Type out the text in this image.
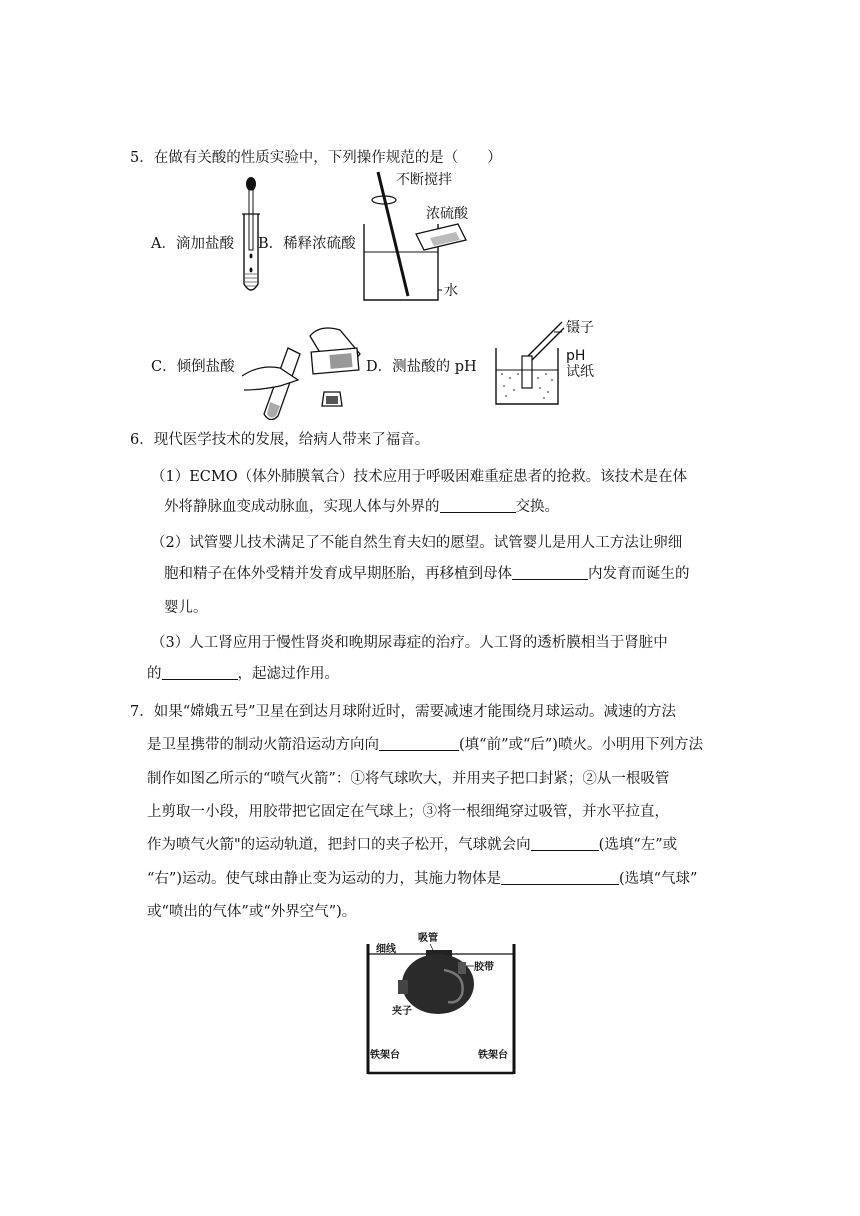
5．在做有关酸的性质实验中，下列操作规范的是（　　）
A．滴加盐酸 B．稀释浓硫酸
不断搅拌
浓硫酸
水
C．倾倒盐酸	D．测盐酸的 pH
镊子
pH
试纸
6．现代医学技术的发展，给病人带来了福音。
（1）ECMO（体外肺膜氧合）技术应用于呼吸困难重症患者的抢救。该技术是在体
外将静脉血变成动脉血，实现人体与外界的	交换。
（2）试管婴儿技术满足了不能自然生育夫妇的愿望。试管婴儿是用人工方法让卵细
胞和精子在体外受精并发育成早期胚胎，再移植到母体	内发育而诞生的
婴儿。
（3）人工肾应用于慢性肾炎和晚期尿毒症的治疗。人工肾的透析膜相当于肾脏中
的	，起滤过作用。
7．如果“嫦娥五号”卫星在到达月球附近时，需要减速才能围绕月球运动。减速的方法
是卫星携带的制动火箭沿运动方向向	(填“前”或“后”)喷火。小明用下列方法
制作如图乙所示的“喷气火箭”：①将气球吹大，并用夹子把口封紧；②从一根吸管
上剪取一小段，用胶带把它固定在气球上；③将一根细绳穿过吸管，并水平拉直，
作为喷气火箭"的运动轨道，把封口的夹子松开，气球就会向	(选填“左”或
“右”)运动。使气球由静止变为运动的力，其施力物体是	(选填“气球”
或“喷出的气体”或“外界空气”)。
细线
吸管
胶带
夹子
铁架台	铁架台
